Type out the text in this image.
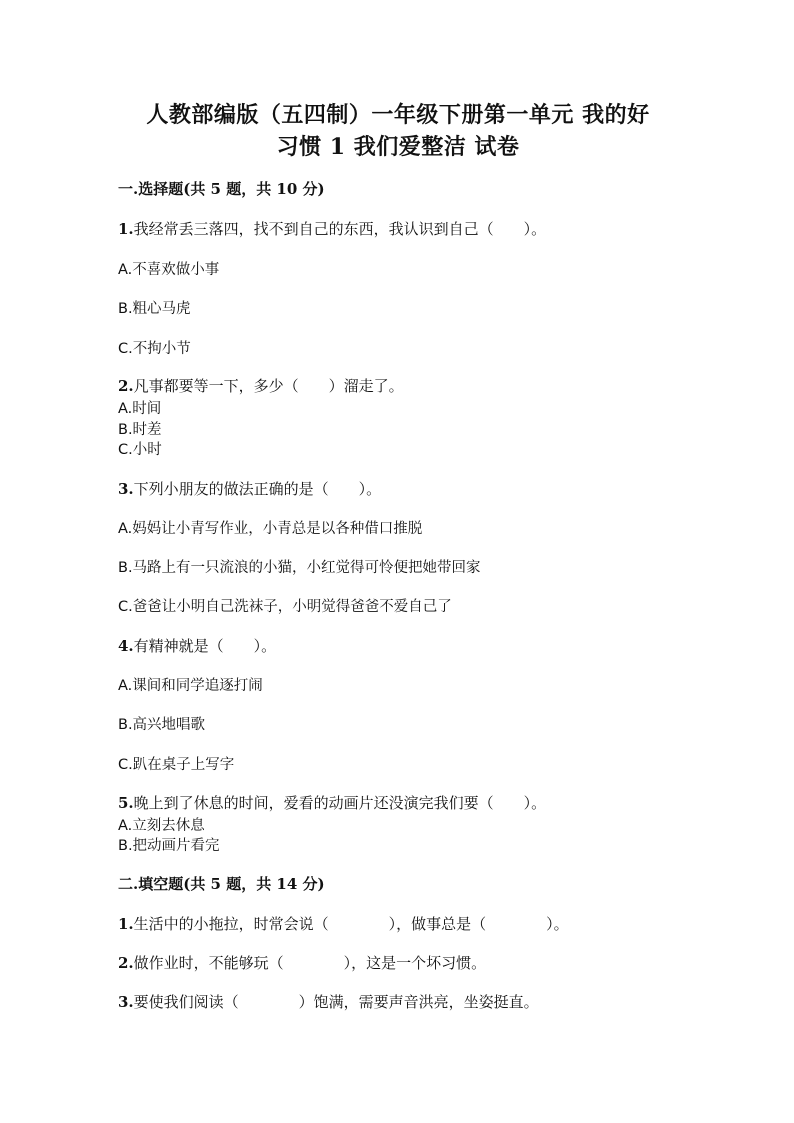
人教部编版（五四制）一年级下册第一单元 我的好
习惯 1 我们爱整洁 试卷
一.选择题(共 5 题，共 10 分)
1.我经常丢三落四，找不到自己的东西，我认识到自己（　　）。
A.不喜欢做小事
B.粗心马虎
C.不拘小节
2.凡事都要等一下，多少（　　）溜走了。
A.时间
B.时差
C.小时
3.下列小朋友的做法正确的是（　　）。
A.妈妈让小青写作业，小青总是以各种借口推脱
B.马路上有一只流浪的小猫，小红觉得可怜便把她带回家
C.爸爸让小明自己洗袜子，小明觉得爸爸不爱自己了
4.有精神就是（　　）。
A.课间和同学追逐打闹
B.高兴地唱歌
C.趴在桌子上写字
5.晚上到了休息的时间，爱看的动画片还没演完我们要（　　）。
A.立刻去休息
B.把动画片看完
二.填空题(共 5 题，共 14 分)
1.生活中的小拖拉，时常会说（　　　　），做事总是（　　　　）。
2.做作业时，不能够玩（　　　　），这是一个坏习惯。
3.要使我们阅读（　　　　）饱满，需要声音洪亮，坐姿挺直。
